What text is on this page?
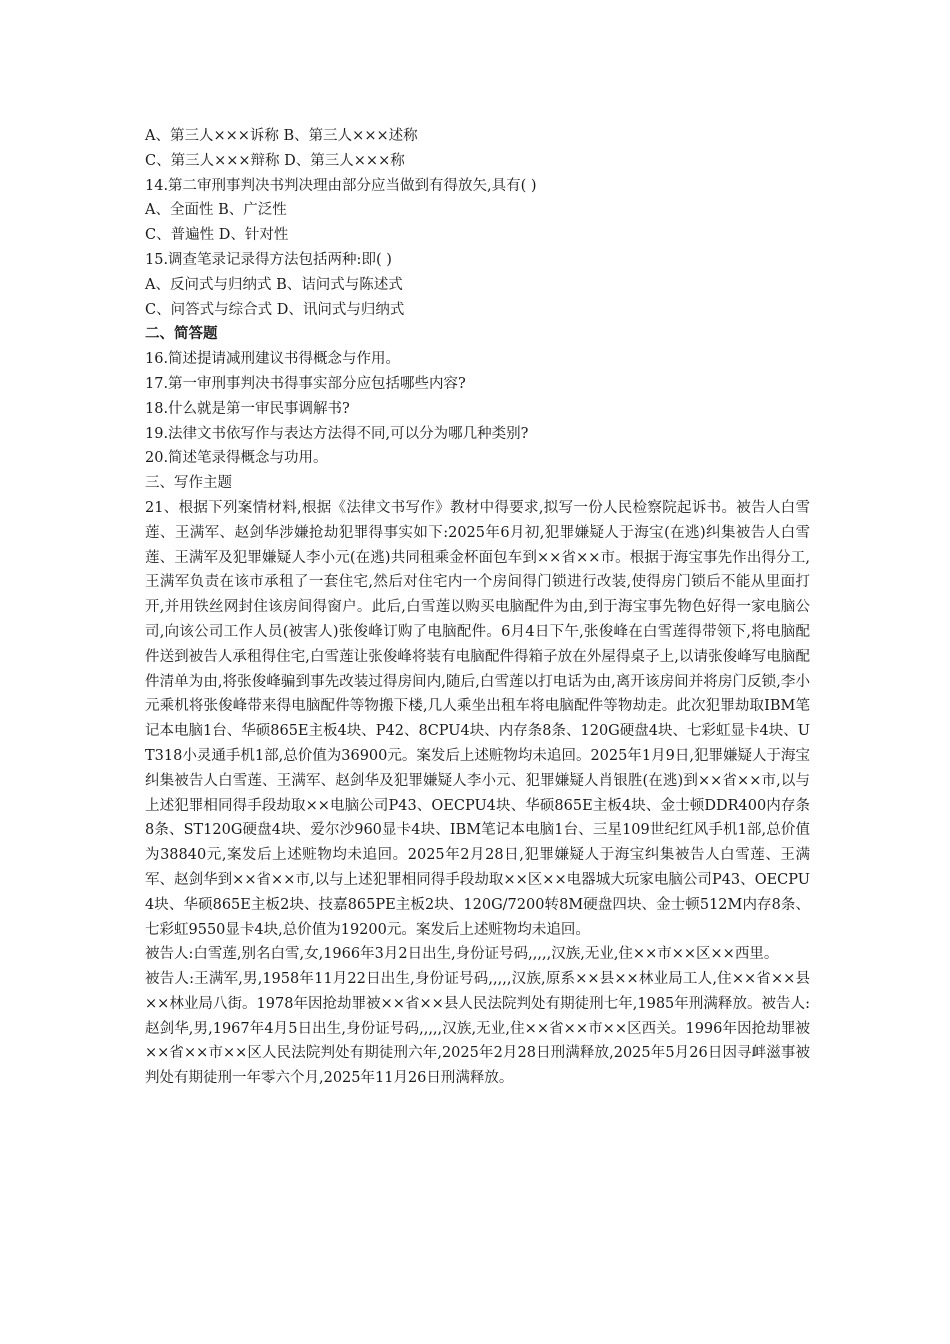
A、第三人×××诉称 B、第三人×××述称

C、第三人×××辩称 D、第三人×××称

14.第二审刑事判决书判决理由部分应当做到有得放矢,具有( )

A、全面性 B、广泛性

C、普遍性 D、针对性

15.调查笔录记录得方法包括两种:即( )

A、反问式与归纳式 B、诘问式与陈述式

C、问答式与综合式 D、讯问式与归纳式

二、简答题

16.简述提请减刑建议书得概念与作用。

17.第一审刑事判决书得事实部分应包括哪些内容?

18.什么就是第一审民事调解书?

19.法律文书依写作与表达方法得不同,可以分为哪几种类别?

20.简述笔录得概念与功用。

三、写作主题

21、根据下列案情材料,根据《法律文书写作》教材中得要求,拟写一份人民检察院起诉书。被告人白雪莲、王满军、赵剑华涉嫌抢劫犯罪得事实如下:2025年6月初,犯罪嫌疑人于海宝(在逃)纠集被告人白雪莲、王满军及犯罪嫌疑人李小元(在逃)共同租乘金杯面包车到××省××市。根据于海宝事先作出得分工,王满军负责在该市承租了一套住宅,然后对住宅内一个房间得门锁进行改装,使得房门锁后不能从里面打开,并用铁丝网封住该房间得窗户。此后,白雪莲以购买电脑配件为由,到于海宝事先物色好得一家电脑公司,向该公司工作人员(被害人)张俊峰订购了电脑配件。6月4日下午,张俊峰在白雪莲得带领下,将电脑配件送到被告人承租得住宅,白雪莲让张俊峰将装有电脑配件得箱子放在外屋得桌子上,以请张俊峰写电脑配件清单为由,将张俊峰骗到事先改装过得房间内,随后,白雪莲以打电话为由,离开该房间并将房门反锁,李小元乘机将张俊峰带来得电脑配件等物搬下楼,几人乘坐出租车将电脑配件等物劫走。此次犯罪劫取IBM笔记本电脑1台、华硕865E主板4块、P42、8CPU4块、内存条8条、120G硬盘4块、七彩虹显卡4块、UT318小灵通手机1部,总价值为36900元。案发后上述赃物均未追回。2025年1月9日,犯罪嫌疑人于海宝纠集被告人白雪莲、王满军、赵剑华及犯罪嫌疑人李小元、犯罪嫌疑人肖银胜(在逃)到××省××市,以与上述犯罪相同得手段劫取××电脑公司P43、OECPU4块、华硕865E主板4块、金士顿DDR400内存条8条、ST120G硬盘4块、爱尔沙960显卡4块、IBM笔记本电脑1台、三星109世纪红风手机1部,总价值为38840元,案发后上述赃物均未追回。2025年2月28日,犯罪嫌疑人于海宝纠集被告人白雪莲、王满军、赵剑华到××省××市,以与上述犯罪相同得手段劫取××区××电器城大玩家电脑公司P43、OECPU4块、华硕865E主板2块、技嘉865PE主板2块、120G/7200转8M硬盘四块、金士顿512M内存8条、七彩虹9550显卡4块,总价值为19200元。案发后上述赃物均未追回。

被告人:白雪莲,别名白雪,女,1966年3月2日出生,身份证号码,,,,,汉族,无业,住××市××区××西里。

被告人:王满军,男,1958年11月22日出生,身份证号码,,,,,汉族,原系××县××林业局工人,住××省××县××林业局八街。1978年因抢劫罪被××省××县人民法院判处有期徒刑七年,1985年刑满释放。被告人:赵剑华,男,1967年4月5日出生,身份证号码,,,,,汉族,无业,住××省××市××区西关。1996年因抢劫罪被××省××市××区人民法院判处有期徒刑六年,2025年2月28日刑满释放,2025年5月26日因寻衅滋事被判处有期徒刑一年零六个月,2025年11月26日刑满释放。
